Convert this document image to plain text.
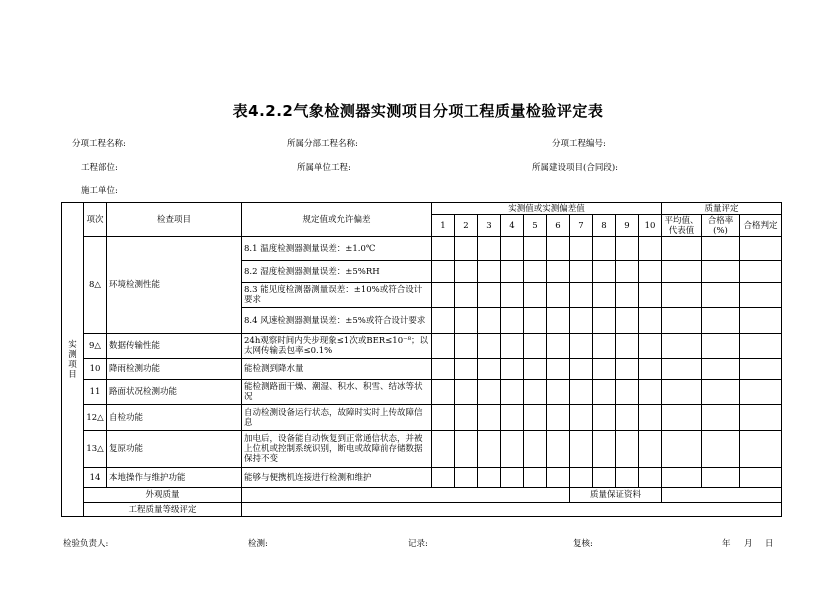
表4.2.2气象检测器实测项目分项工程质量检验评定表
分项工程名称:	所属分部工程名称:	分项工程编号:
工程部位:	所属单位工程:	所属建设项目(合同段):
施工单位:
实
测
项
目	项次	检查项目	规定值或允许偏差	实测值或实测偏差值										质量评定		
				1	2	3	4	5	6	7	8	9	10	平均值、代表值	合格率(%)	合格判定
	8△	环境检测性能	8.1 温度检测器测量误差：±1.0℃													
			8.2 湿度检测器测量误差：±5%RH													
			8.3 能见度检测器测量误差：±10%或符合设计要求													
			8.4 风速检测器测量误差：±5%或符合设计要求													
	9△	数据传输性能	24h观察时间内失步现象≤1次或BER≤10⁻⁸；以太网传输丢包率≤0.1%													
	10	降雨检测功能	能检测到降水量													
	11	路面状况检测功能	能检测路面干燥、潮湿、积水、积雪、结冰等状况													
	12△	自检功能	自动检测设备运行状态，故障时实时上传故障信息													
	13△	复原功能	加电后，设备能自动恢复到正常通信状态，并被上位机或控制系统识别，断电或故障前存储数据保持不变													
	14	本地操作与维护功能	能够与便携机连接进行检测和维护													
	外观质量									质量保证资料						
	工程质量等级评定															
检验负责人:	检测:	记录:	复核:	年 月 日
